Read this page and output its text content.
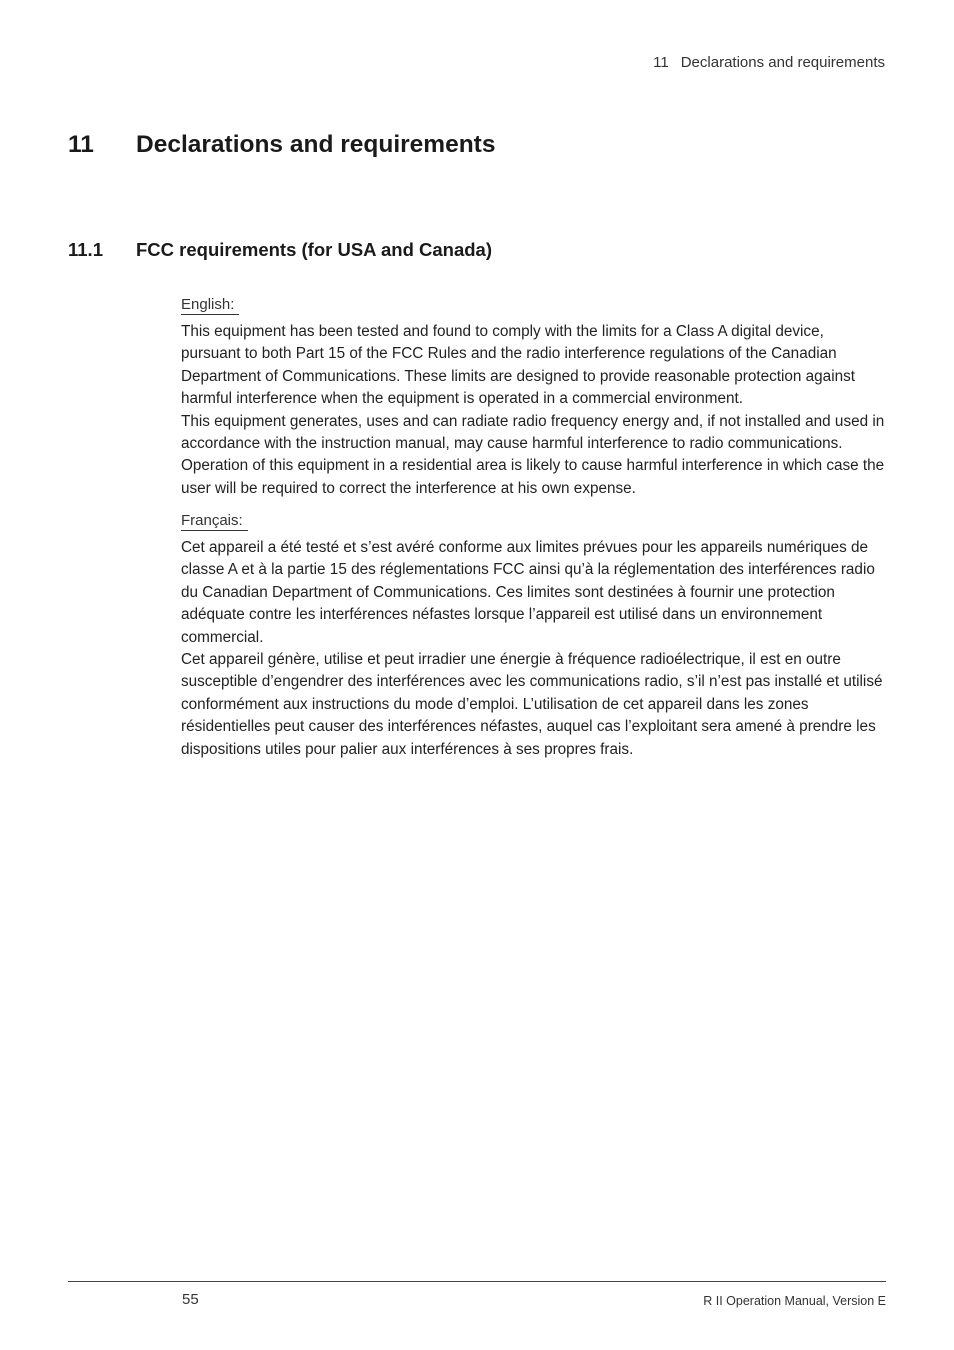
11 Declarations and requirements
11 Declarations and requirements
11.1 FCC requirements (for USA and Canada)
English:

This equipment has been tested and found to comply with the limits for a Class A digital device, pursuant to both Part 15 of the FCC Rules and the radio interference regulations of the Canadian Department of Communications. These limits are designed to provide reasonable protection against harmful interference when the equipment is operated in a commercial environment.

This equipment generates, uses and can radiate radio frequency energy and, if not installed and used in accordance with the instruction manual, may cause harmful interference to radio communications. Operation of this equipment in a residential area is likely to cause harmful interference in which case the user will be required to correct the interference at his own expense.

Français:

Cet appareil a été testé et s’est avéré conforme aux limites prévues pour les appareils numériques de classe A et à la partie 15 des réglementations FCC ainsi qu’à la réglementation des interférences radio du Canadian Department of Communications. Ces limites sont destinées à fournir une protection adéquate contre les interférences néfastes lorsque l’appareil est utilisé dans un environnement commercial.

Cet appareil génère, utilise et peut irradier une énergie à fréquence radioélectrique, il est en outre susceptible d’engendrer des interférences avec les communications radio, s’il n’est pas installé et utilisé conformément aux instructions du mode d’emploi. L’utilisation de cet appareil dans les zones résidentielles peut causer des interférences néfastes, auquel cas l’exploitant sera amené à prendre les dispositions utiles pour palier aux interférences à ses propres frais.

55	R II Operation Manual, Version E
